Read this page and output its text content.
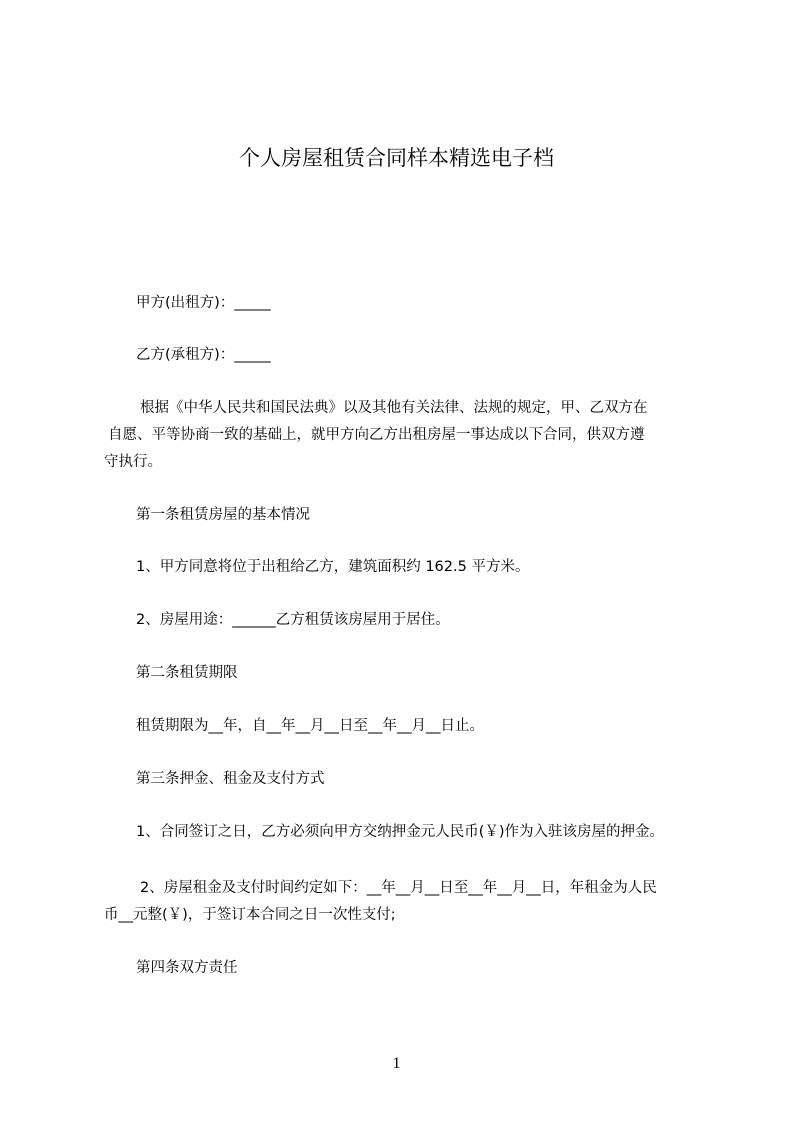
个人房屋租赁合同样本精选电子档
甲方(出租方)：_____
乙方(承租方)：_____
根据《中华人民共和国民法典》以及其他有关法律、法规的规定，甲、乙双方在
自愿、平等协商一致的基础上，就甲方向乙方出租房屋一事达成以下合同，供双方遵
守执行。
第一条租赁房屋的基本情况
1、甲方同意将位于出租给乙方，建筑面积约 162.5 平方米。
2、房屋用途：______乙方租赁该房屋用于居住。
第二条租赁期限
租赁期限为__年，自__年__月__日至__年__月__日止。
第三条押金、租金及支付方式
1、合同签订之日，乙方必须向甲方交纳押金元人民币(￥)作为入驻该房屋的押金。
2、房屋租金及支付时间约定如下：__年__月__日至__年__月__日，年租金为人民
币__元整(￥)，于签订本合同之日一次性支付;
第四条双方责任
1
